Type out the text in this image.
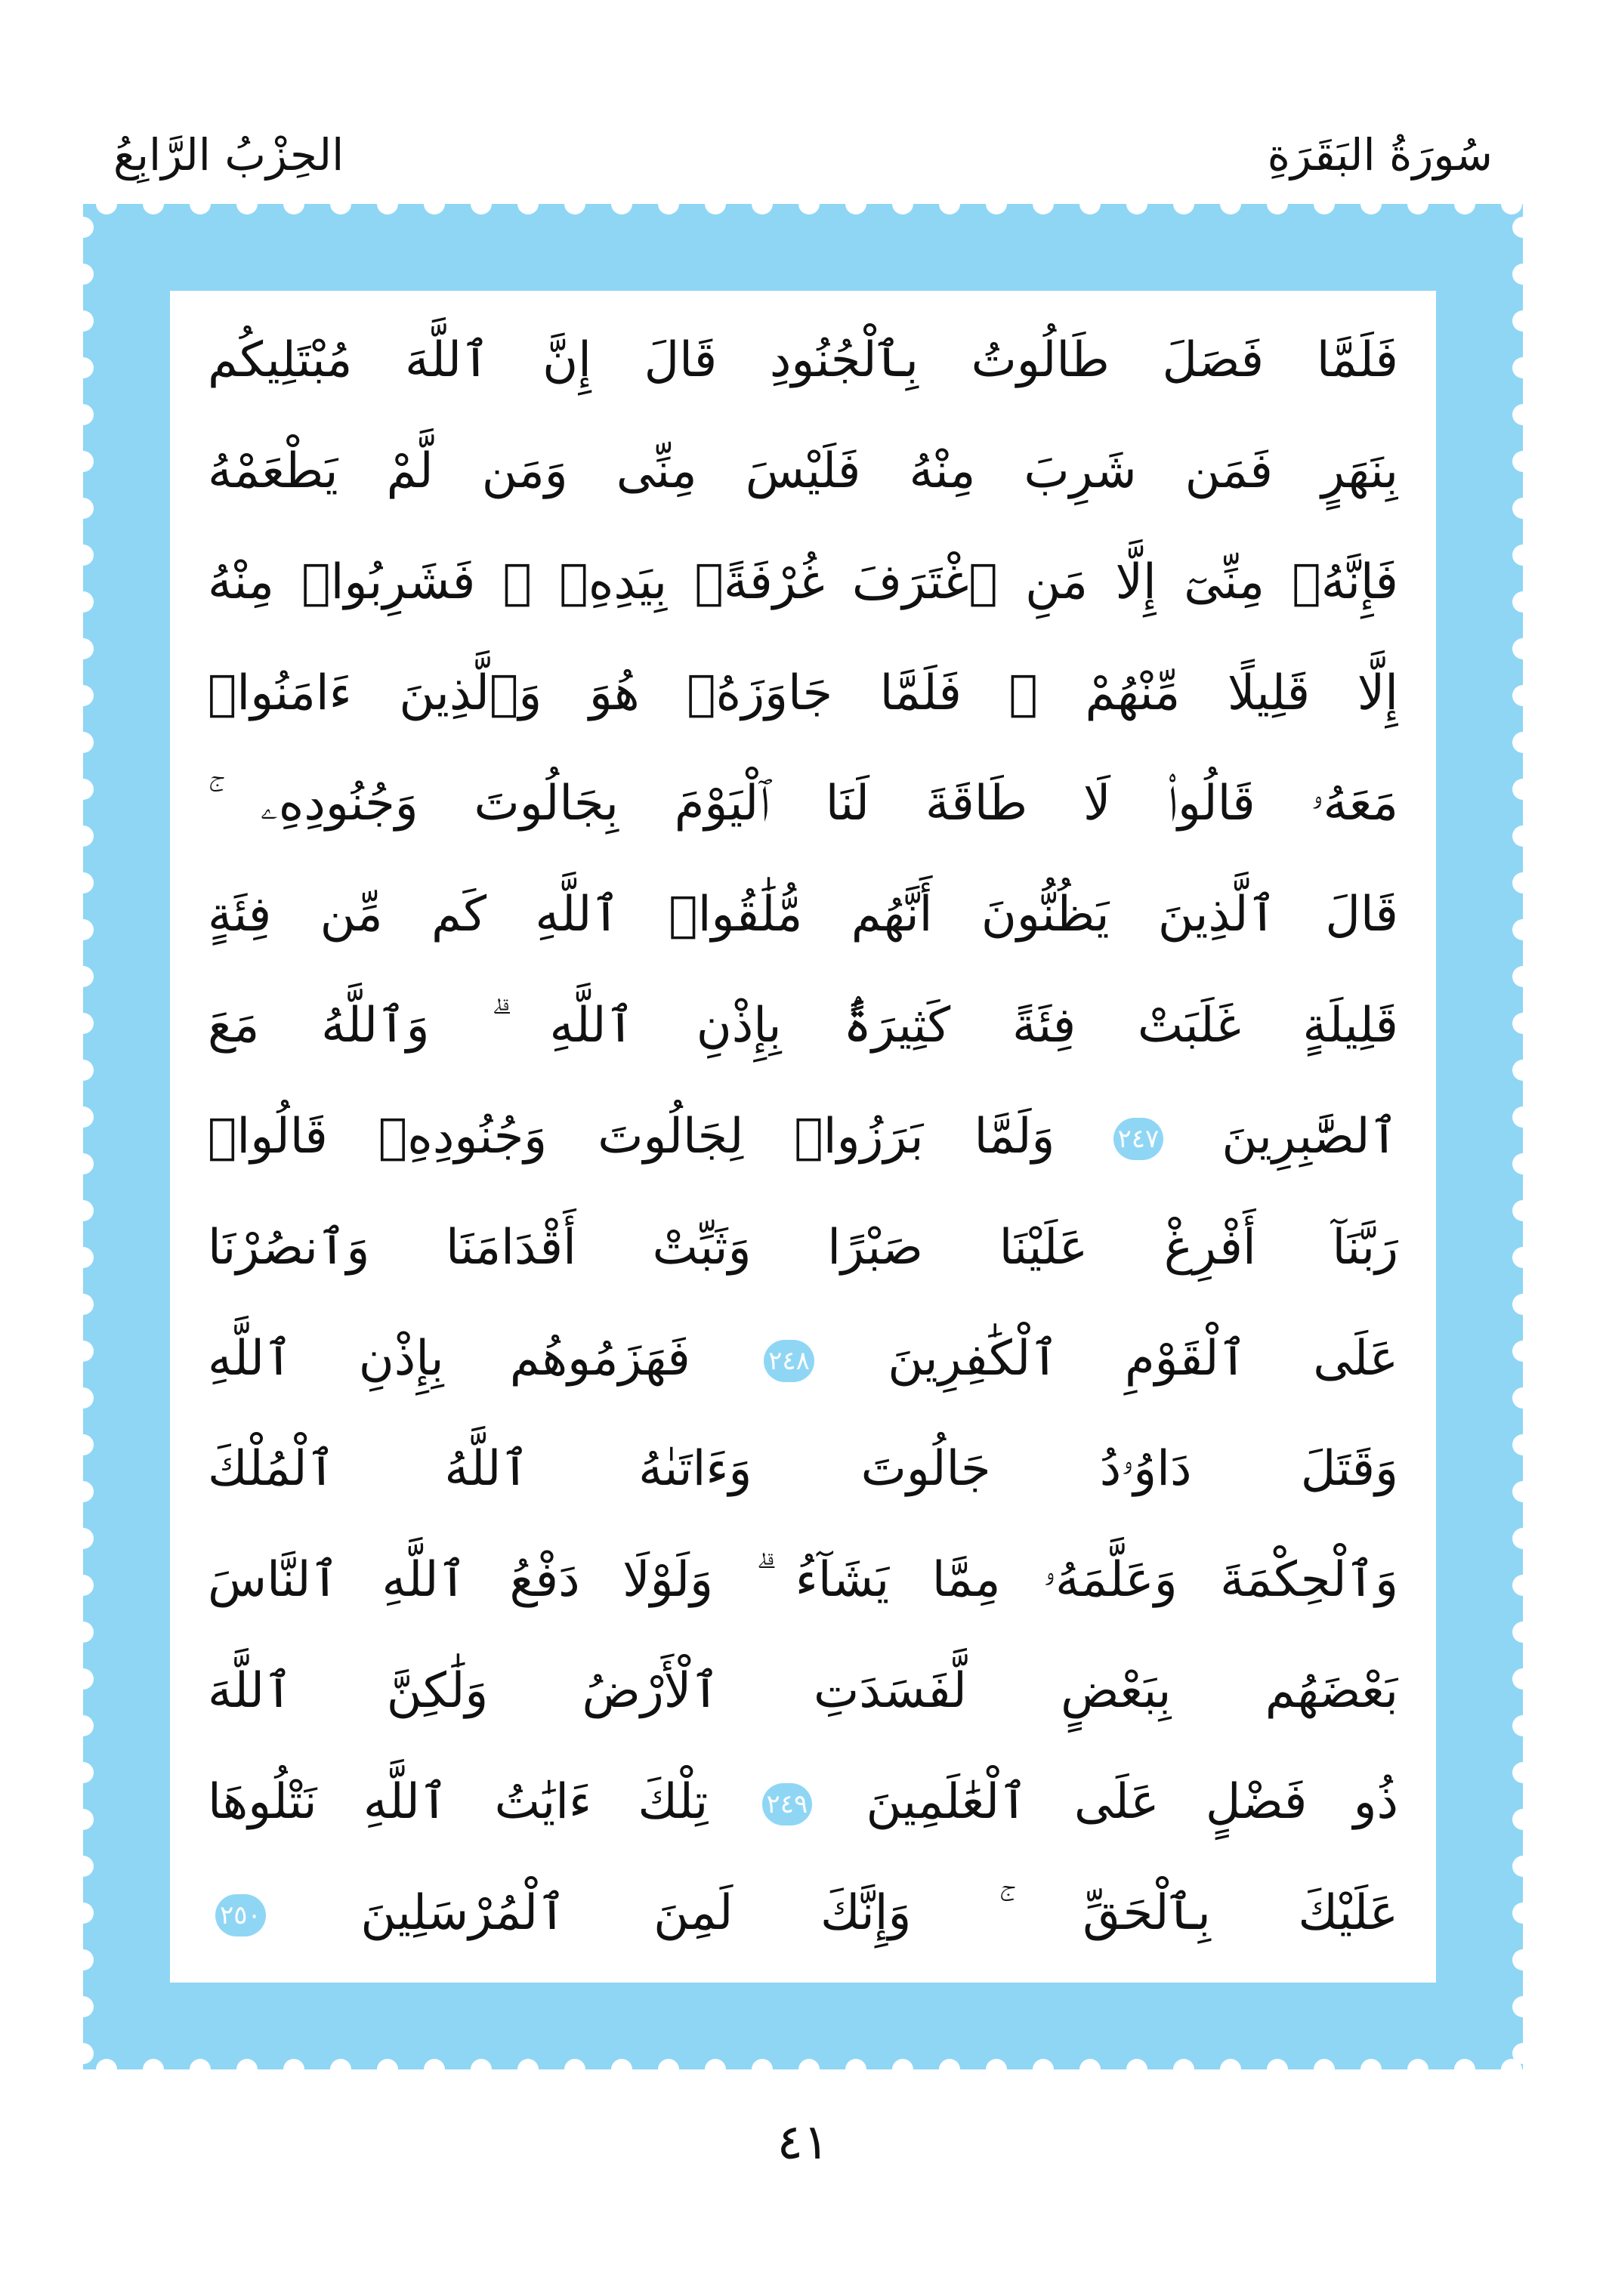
سُورَةُ البَقَرَةِ
الحِزْبُ الرَّابِعُ
فَلَمَّا فَصَلَ طَالُوتُ بِٱلْجُنُودِ قَالَ إِنَّ ٱللَّهَ مُبْتَلِيكُم
بِنَهَرٍ فَمَن شَرِبَ مِنْهُ فَلَيْسَ مِنِّى وَمَن لَّمْ يَطْعَمْهُ
فَإِنَّهُۥ مِنِّىٓ إِلَّا مَنِ ٱغْتَرَفَ غُرْفَةًۢ بِيَدِهِۦ ۚ فَشَرِبُوا۟ مِنْهُ
إِلَّا قَلِيلًا مِّنْهُمْ ۚ فَلَمَّا جَاوَزَهُۥ هُوَ وَٱلَّذِينَ ءَامَنُوا۟
مَعَهُۥ قَالُوا۟ لَا طَاقَةَ لَنَا ٱلْيَوْمَ بِجَالُوتَ وَجُنُودِهِۦ ۚ
قَالَ ٱلَّذِينَ يَظُنُّونَ أَنَّهُم مُّلَٰقُوا۟ ٱللَّهِ كَم مِّن فِئَةٍ
قَلِيلَةٍ غَلَبَتْ فِئَةً كَثِيرَةًۢ بِإِذْنِ ٱللَّهِ ۗ وَٱللَّهُ مَعَ
ٱلصَّٰبِرِينَ ٢٤٧ وَلَمَّا بَرَزُوا۟ لِجَالُوتَ وَجُنُودِهِۦ قَالُوا۟
رَبَّنَآ أَفْرِغْ عَلَيْنَا صَبْرًا وَثَبِّتْ أَقْدَامَنَا وَٱنصُرْنَا
عَلَى ٱلْقَوْمِ ٱلْكَٰفِرِينَ ٢٤٨ فَهَزَمُوهُم بِإِذْنِ ٱللَّهِ
وَقَتَلَ دَاوُۥدُ جَالُوتَ وَءَاتَىٰهُ ٱللَّهُ ٱلْمُلْكَ
وَٱلْحِكْمَةَ وَعَلَّمَهُۥ مِمَّا يَشَآءُ ۗ وَلَوْلَا دَفْعُ ٱللَّهِ ٱلنَّاسَ
بَعْضَهُم بِبَعْضٍ لَّفَسَدَتِ ٱلْأَرْضُ وَلَٰكِنَّ ٱللَّهَ
ذُو فَضْلٍ عَلَى ٱلْعَٰلَمِينَ ٢٤٩ تِلْكَ ءَايَٰتُ ٱللَّهِ نَتْلُوهَا
عَلَيْكَ بِٱلْحَقِّ ۚ وَإِنَّكَ لَمِنَ ٱلْمُرْسَلِينَ ٢٥٠
٤١
